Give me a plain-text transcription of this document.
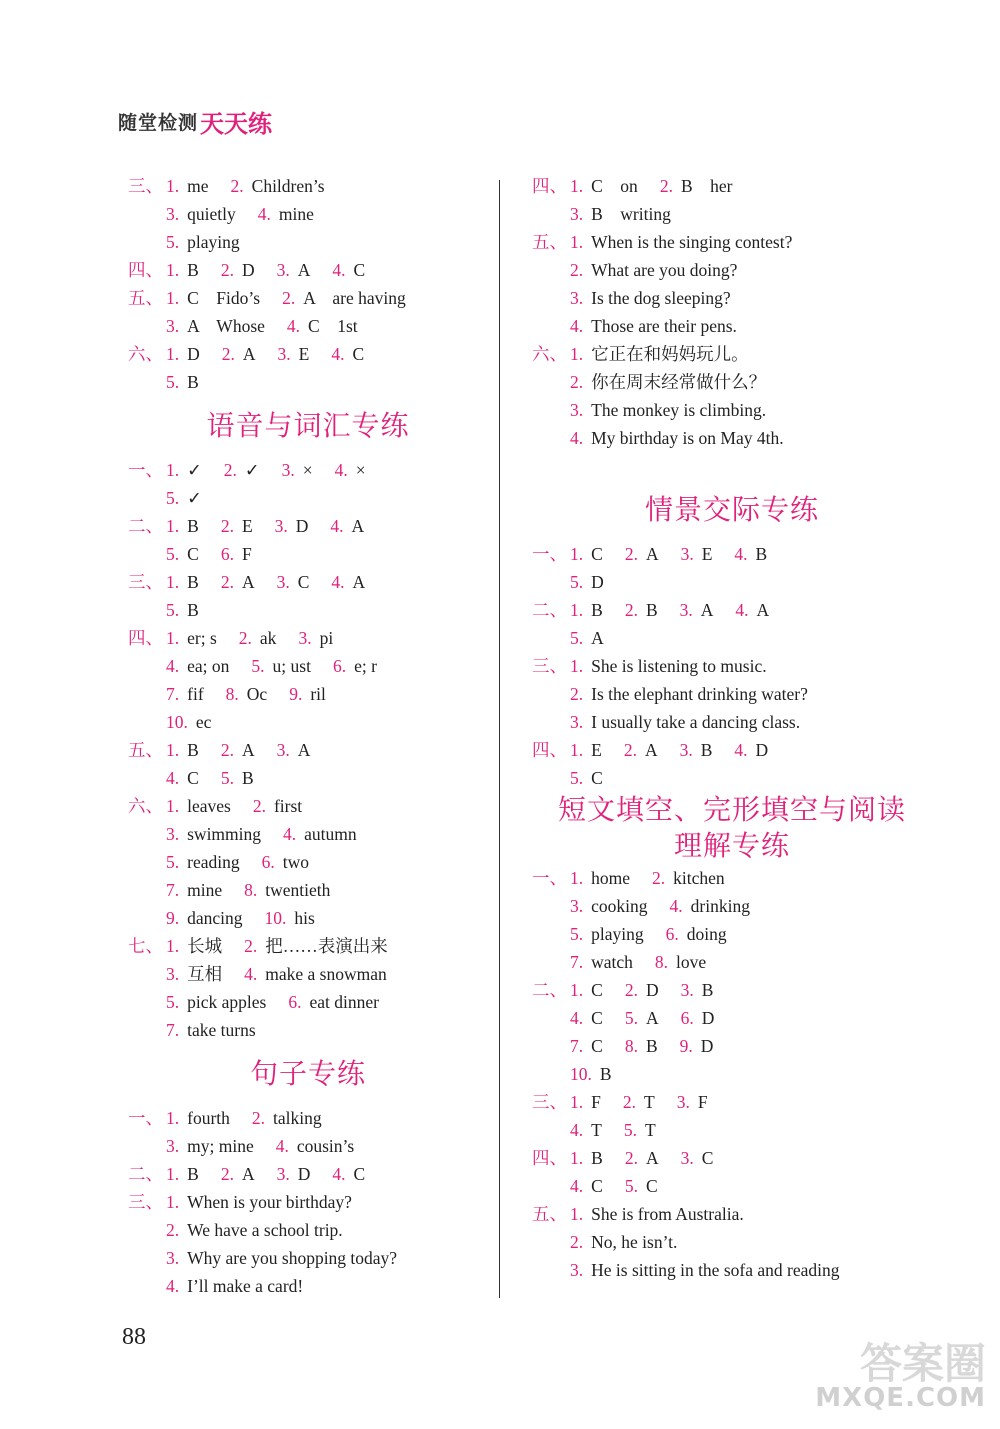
随堂检测 天天练
三、 1. me 2. Children’s
3. quietly 4. mine
5. playing
四、 1. B 2. D 3. A 4. C
五、 1. C　Fido’s 2. A　are having
3. A　Whose 4. C　1st
六、 1. D 2. A 3. E 4. C
5. B
语音与词汇专练
一、 1. ✓ 2. ✓ 3. × 4. ×
5. ✓
二、 1. B 2. E 3. D 4. A
5. C 6. F
三、 1. B 2. A 3. C 4. A
5. B
四、 1. er; s 2. ak 3. pi
4. ea; on 5. u; ust 6. e; r
7. fif 8. Oc 9. ril
10. ec
五、 1. B 2. A 3. A
4. C 5. B
六、 1. leaves 2. first
3. swimming 4. autumn
5. reading 6. two
7. mine 8. twentieth
9. dancing 10. his
七、 1. 长城 2. 把……表演出来
3. 互相 4. make a snowman
5. pick apples 6. eat dinner
7. take turns
句子专练
一、 1. fourth 2. talking
3. my; mine 4. cousin’s
二、 1. B 2. A 3. D 4. C
三、 1. When is your birthday?
2. We have a school trip.
3. Why are you shopping today?
4. I’ll make a card!
四、 1. C　on 2. B　her
3. B　writing
五、 1. When is the singing contest?
2. What are you doing?
3. Is the dog sleeping?
4. Those are their pens.
六、 1. 它正在和妈妈玩儿。
2. 你在周末经常做什么？
3. The monkey is climbing.
4. My birthday is on May 4th.
情景交际专练
一、 1. C 2. A 3. E 4. B
5. D
二、 1. B 2. B 3. A 4. A
5. A
三、 1. She is listening to music.
2. Is the elephant drinking water?
3. I usually take a dancing class.
四、 1. E 2. A 3. B 4. D
5. C
短文填空、完形填空与阅读
理解专练
一、 1. home 2. kitchen
3. cooking 4. drinking
5. playing 6. doing
7. watch 8. love
二、 1. C 2. D 3. B
4. C 5. A 6. D
7. C 8. B 9. D
10. B
三、 1. F 2. T 3. F
4. T 5. T
四、 1. B 2. A 3. C
4. C 5. C
五、 1. She is from Australia.
2. No, he isn’t.
3. He is sitting in the sofa and reading
88
答案圈
MXQE.COM
